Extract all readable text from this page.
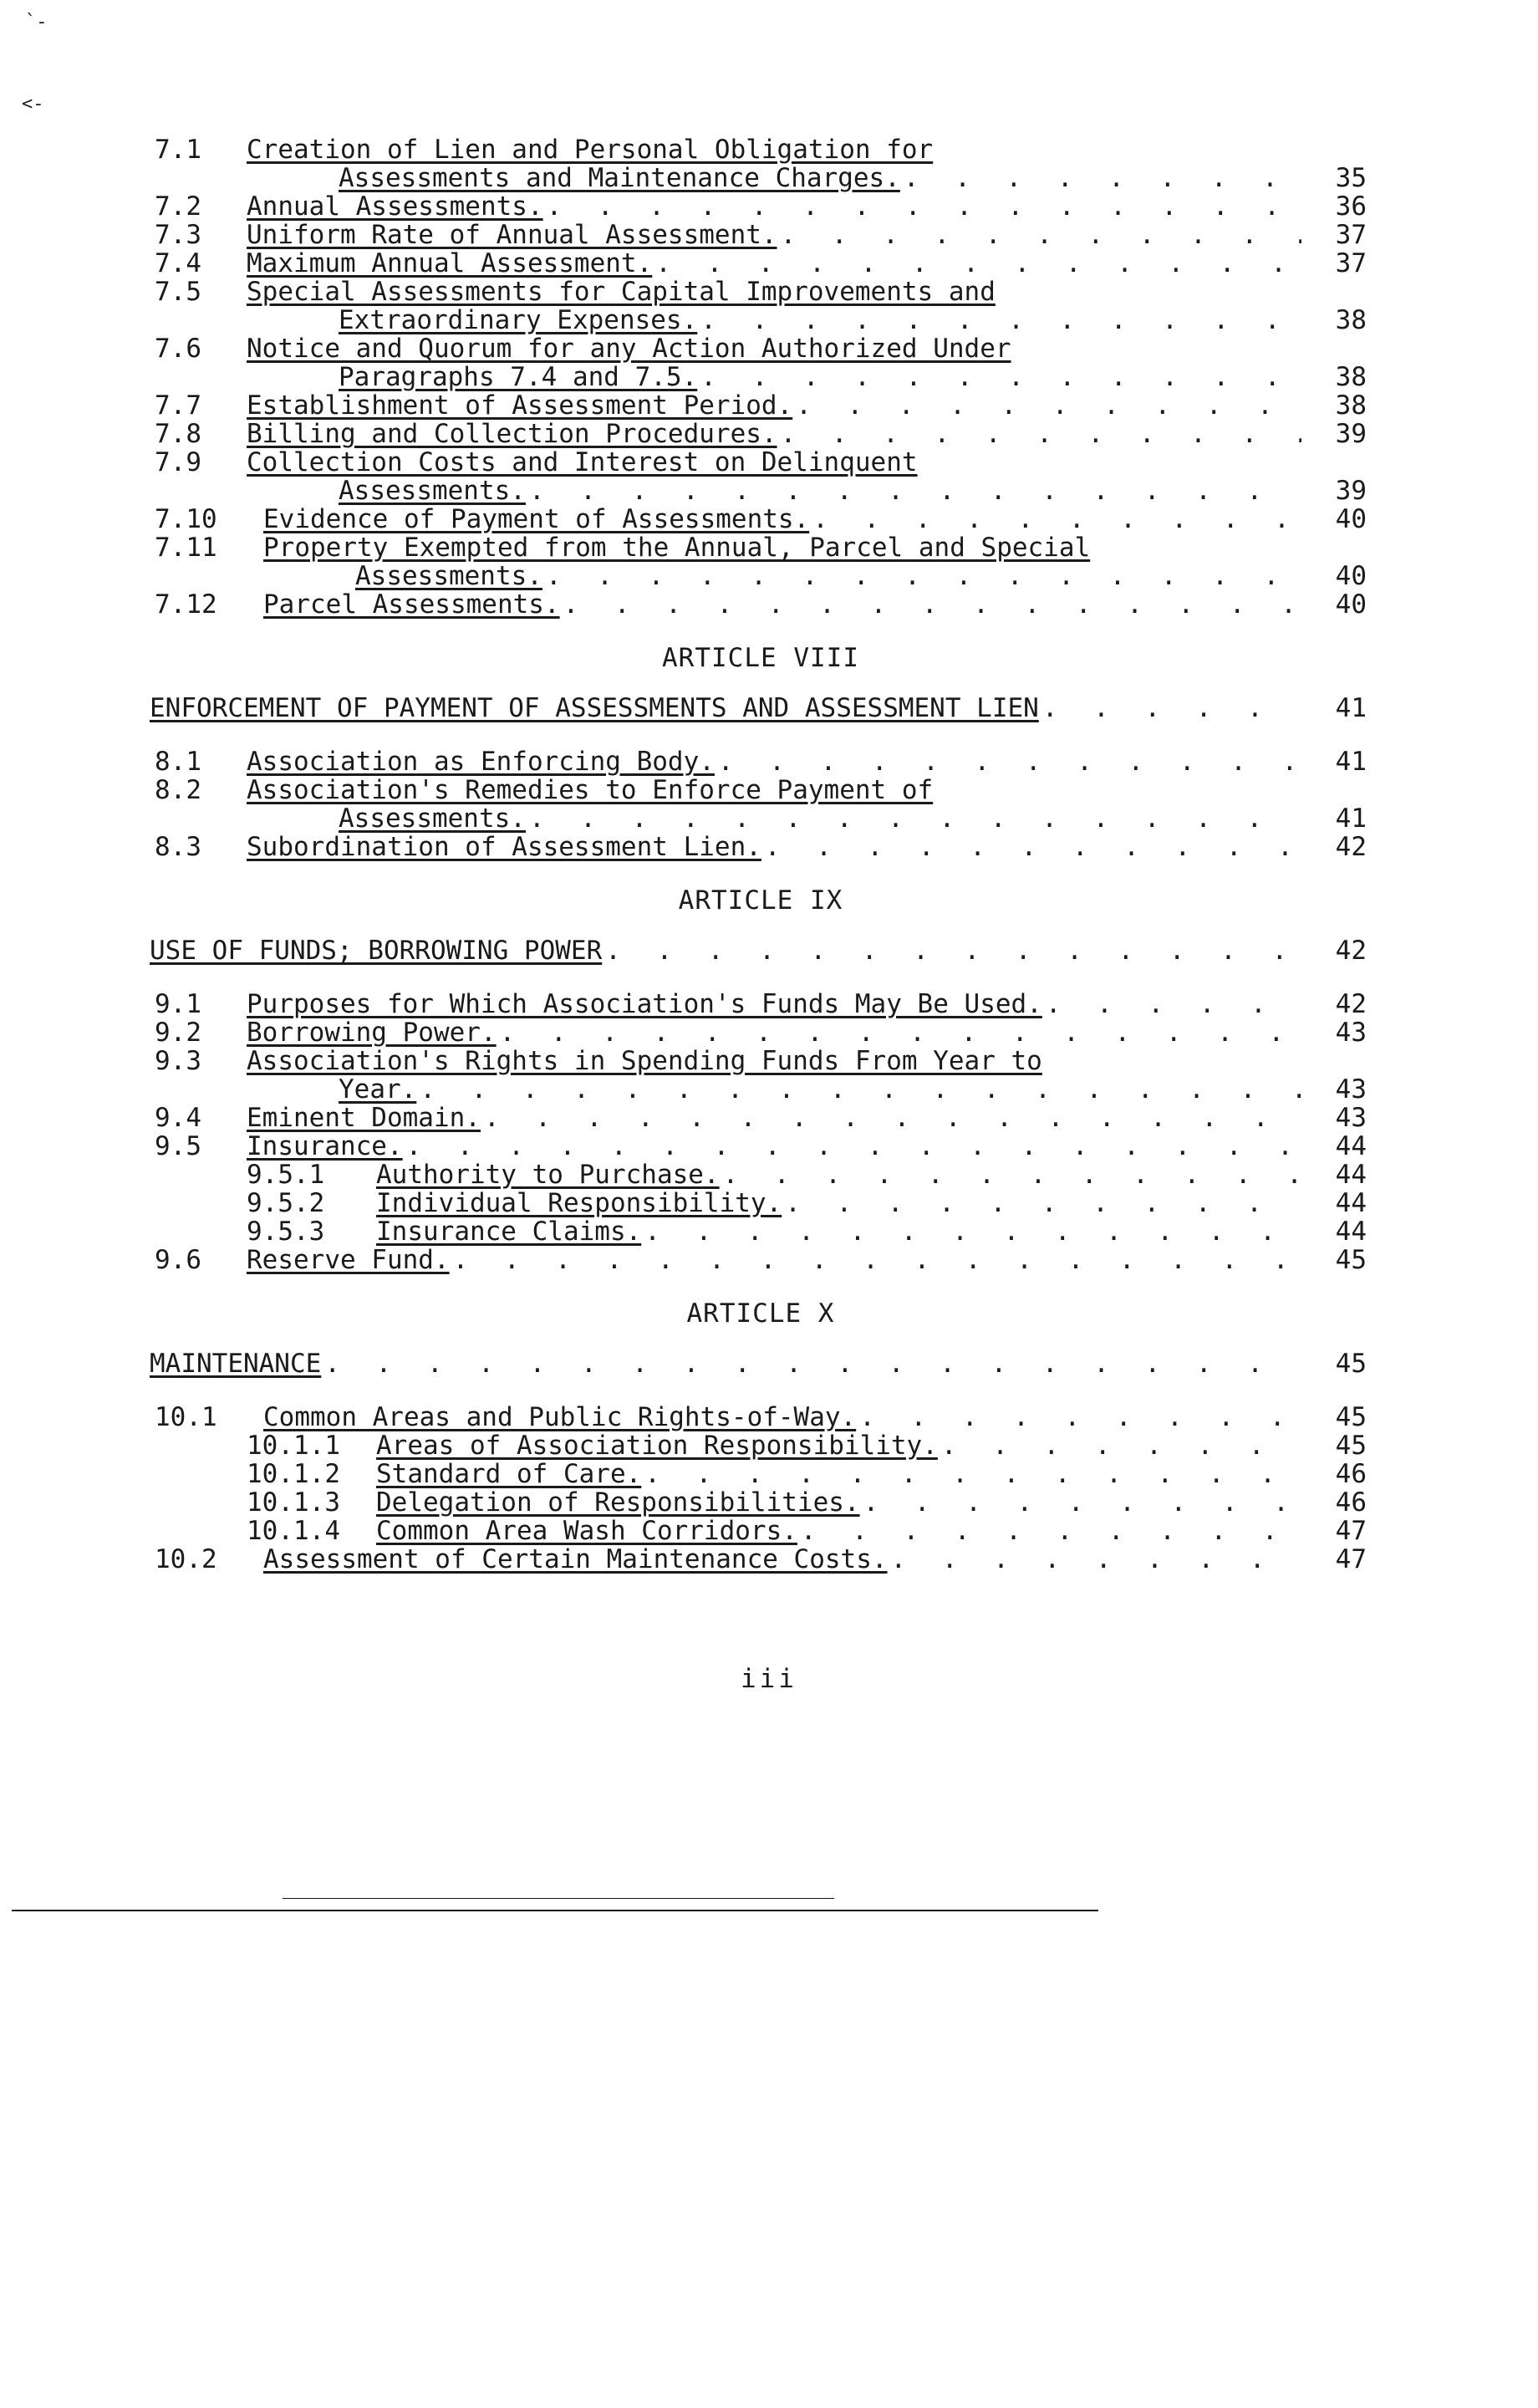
`-
<-
7.1	Creation of Lien and Personal Obligation for
Assessments and Maintenance Charges. . . .	35
7.2	Annual Assessments. . . .	36
7.3	Uniform Rate of Annual Assessment. . . .	37
7.4	Maximum Annual Assessment. . . .	37
7.5	Special Assessments for Capital Improvements and
Extraordinary Expenses. . . .	38
7.6	Notice and Quorum for any Action Authorized Under
Paragraphs 7.4 and 7.5. . . .	38
7.7	Establishment of Assessment Period. . . .	38
7.8	Billing and Collection Procedures. . . .	39
7.9	Collection Costs and Interest on Delinquent
Assessments. . . .	39
7.10	Evidence of Payment of Assessments. . . .	40
7.11	Property Exempted from the Annual, Parcel and Special
Assessments. . . .	40
7.12	Parcel Assessments. . . .	40
ARTICLE VIII
ENFORCEMENT OF PAYMENT OF ASSESSMENTS AND ASSESSMENT LIEN . . .	41
8.1	Association as Enforcing Body. . . .	41
8.2	Association's Remedies to Enforce Payment of
Assessments. . . .	41
8.3	Subordination of Assessment Lien. . . .	42
ARTICLE IX
USE OF FUNDS; BORROWING POWER . . .	42
9.1	Purposes for Which Association's Funds May Be Used. . . .	42
9.2	Borrowing Power. . . .	43
9.3	Association's Rights in Spending Funds From Year to
Year. . . .	43
9.4	Eminent Domain. . . .	43
9.5	Insurance. . . .	44
9.5.1	Authority to Purchase. . . .	44
9.5.2	Individual Responsibility. . . .	44
9.5.3	Insurance Claims. . . .	44
9.6	Reserve Fund. . . .	45
ARTICLE X
MAINTENANCE . . .	45
10.1	Common Areas and Public Rights-of-Way. . . .	45
10.1.1	Areas of Association Responsibility. . . .	45
10.1.2	Standard of Care. . . .	46
10.1.3	Delegation of Responsibilities. . . .	46
10.1.4	Common Area Wash Corridors. . . .	47
10.2	Assessment of Certain Maintenance Costs. . . .	47
iii
